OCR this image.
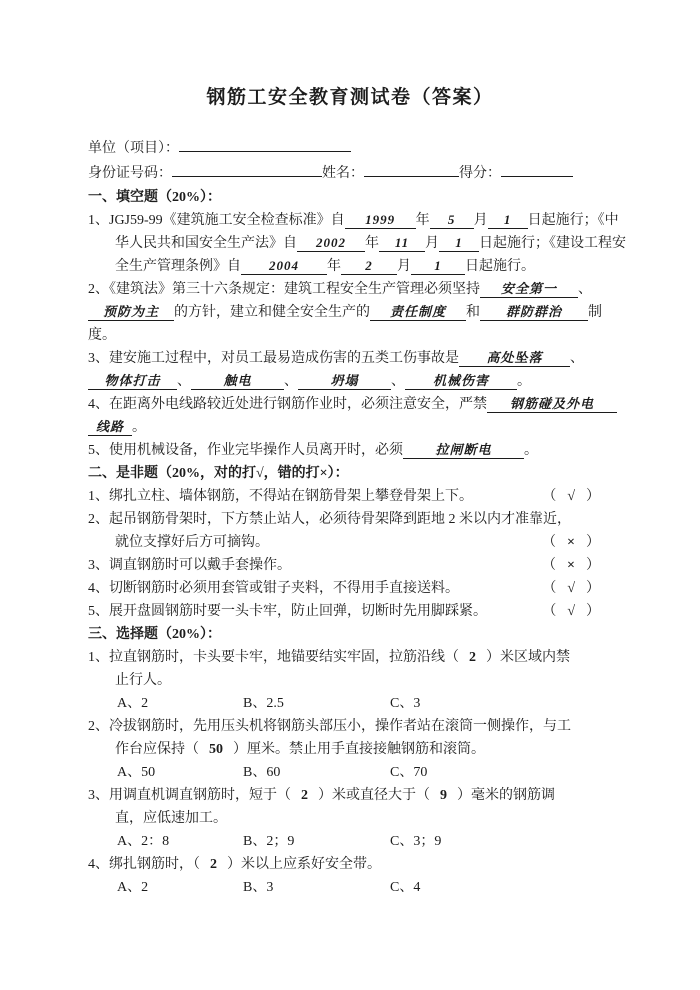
钢筋工安全教育测试卷（答案）
单位（项目）：
身份证号码：	姓名：	得分：
一、填空题（20%）：
1、JGJ59-99《建筑施工安全检查标准》自 1999 年 5 月 1 日起施行；《中
华人民共和国安全生产法》自 2002 年 11 月 1 日起施行；《建设工程安
全生产管理条例》自 2004 年 2 月 1 日起施行。
2、《建筑法》第三十六条规定：建筑工程安全生产管理必须坚持 安全第一 、
预防为主 的方针，建立和健全安全生产的 责任制度 和 群防群治 制
度。
3、建安施工过程中，对员工最易造成伤害的五类工伤事故是 高处坠落 、
物体打击 、 触电 、 坍塌 、 机械伤害 。
4、在距离外电线路较近处进行钢筋作业时，必须注意安全，严禁 钢筋碰及外电
线路 。
5、使用机械设备，作业完毕操作人员离开时，必须 拉闸断电 。
二、是非题（20%，对的打√，错的打×）：
1、绑扎立柱、墙体钢筋，不得站在钢筋骨架上攀登骨架上下。	（ √ ）
2、起吊钢筋骨架时，下方禁止站人，必须待骨架降到距地 2 米以内才准靠近，
就位支撑好后方可摘钩。	（ × ）
3、调直钢筋时可以戴手套操作。	（ × ）
4、切断钢筋时必须用套管或钳子夹料，不得用手直接送料。	（ √ ）
5、展开盘圆钢筋时要一头卡牢，防止回弹，切断时先用脚踩紧。	（ √ ）
三、选择题（20%）：
1、拉直钢筋时，卡头要卡牢，地锚要结实牢固，拉筋沿线（ 2 ）米区域内禁
止行人。
A、2	B、2.5	C、3
2、冷拔钢筋时，先用压头机将钢筋头部压小，操作者站在滚筒一侧操作，与工
作台应保持（ 50 ）厘米。禁止用手直接接触钢筋和滚筒。
A、50	B、60	C、70
3、用调直机调直钢筋时，短于（ 2 ）米或直径大于（ 9 ）毫米的钢筋调
直，应低速加工。
A、2：8	B、2；9	C、3；9
4、绑扎钢筋时，（ 2 ）米以上应系好安全带。
A、2	B、3	C、4
